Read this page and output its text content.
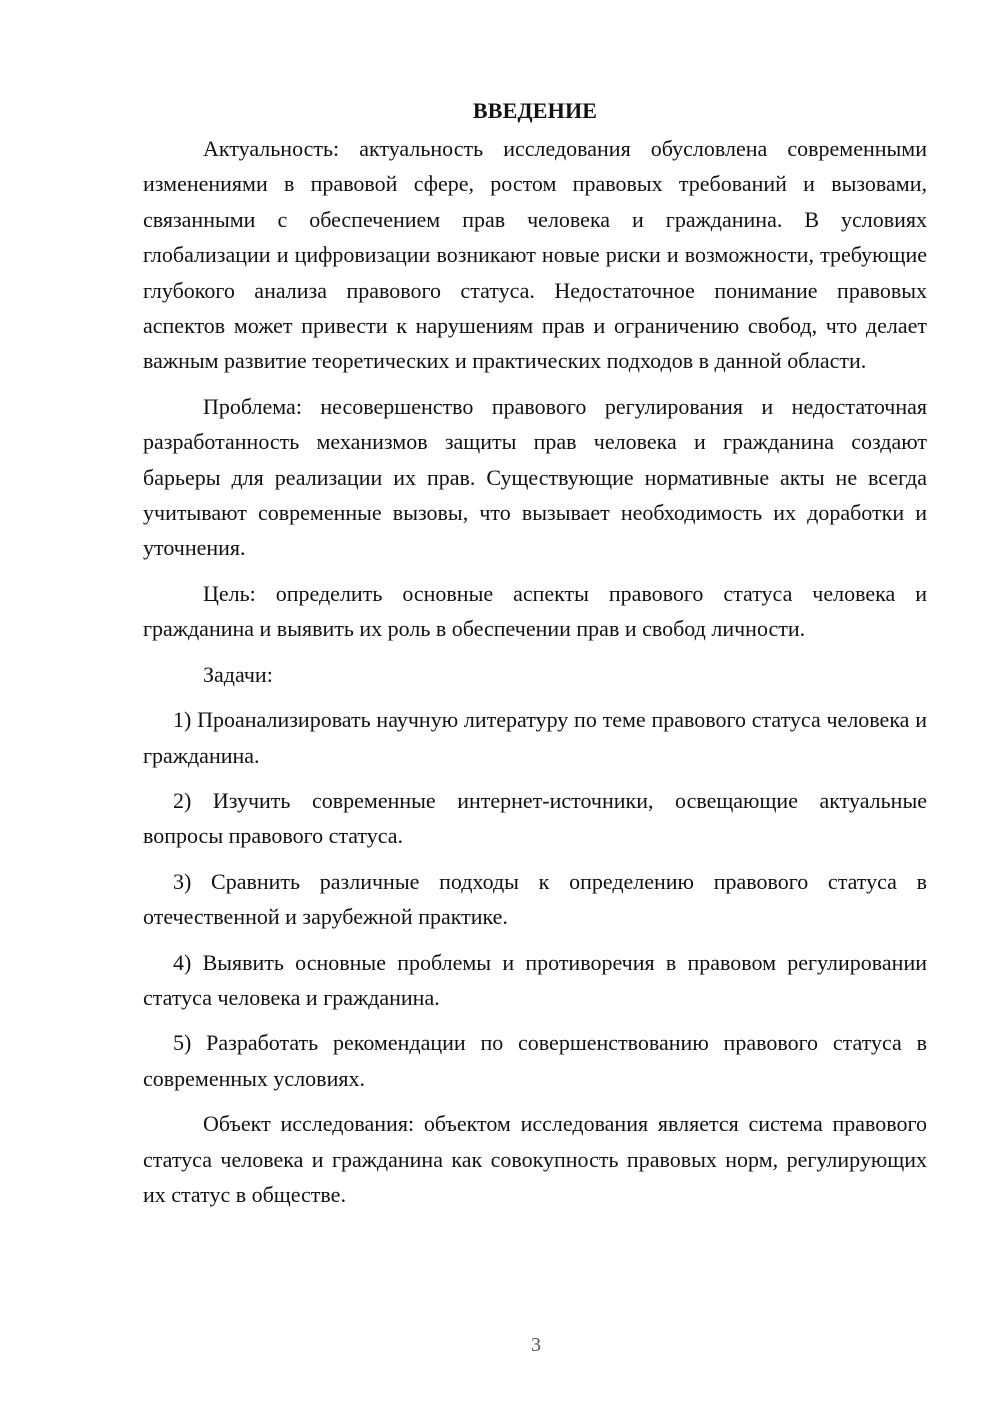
ВВЕДЕНИЕ

Актуальность: актуальность исследования обусловлена современными изменениями в правовой сфере, ростом правовых требований и вызовами, связанными с обеспечением прав человека и гражданина. В условиях глобализации и цифровизации возникают новые риски и возможности, требующие глубокого анализа правового статуса. Недостаточное понимание правовых аспектов может привести к нарушениям прав и ограничению свобод, что делает важным развитие теоретических и практических подходов в данной области.

Проблема: несовершенство правового регулирования и недостаточная разработанность механизмов защиты прав человека и гражданина создают барьеры для реализации их прав. Существующие нормативные акты не всегда учитывают современные вызовы, что вызывает необходимость их доработки и уточнения.

Цель: определить основные аспекты правового статуса человека и гражданина и выявить их роль в обеспечении прав и свобод личности.

Задачи:

1) Проанализировать научную литературу по теме правового статуса человека и гражданина.

2) Изучить современные интернет-источники, освещающие актуальные вопросы правового статуса.

3) Сравнить различные подходы к определению правового статуса в отечественной и зарубежной практике.

4) Выявить основные проблемы и противоречия в правовом регулировании статуса человека и гражданина.

5) Разработать рекомендации по совершенствованию правового статуса в современных условиях.

Объект исследования: объектом исследования является система правового статуса человека и гражданина как совокупность правовых норм, регулирующих их статус в обществе.

3
